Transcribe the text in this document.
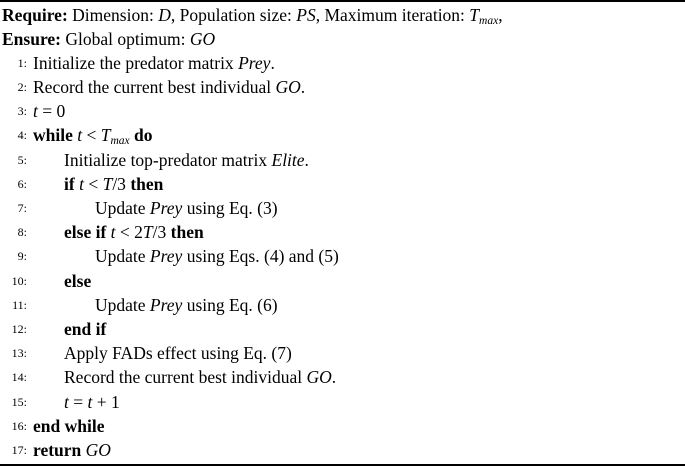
Require: Dimension: D, Population size: PS, Maximum iteration: $T_{max}$,
Ensure: Global optimum: GO
1: Initialize the predator matrix Prey.
2: Record the current best individual GO.
3: t = 0
4: while $t < T_{max}$ do
5: Initialize top-predator matrix Elite.
6: if t < T/3 then
7:	Update Prey using Eq. (3)
8: else if t < 2T/3 then
9:	Update Prey using Eqs. (4) and (5)
10: else
11:	Update Prey using Eq. (6)
12: end if
13: Apply FADs effect using Eq. (7)
14: Record the current best individual GO.
15: t = t + 1
16: end while
17: return GO
